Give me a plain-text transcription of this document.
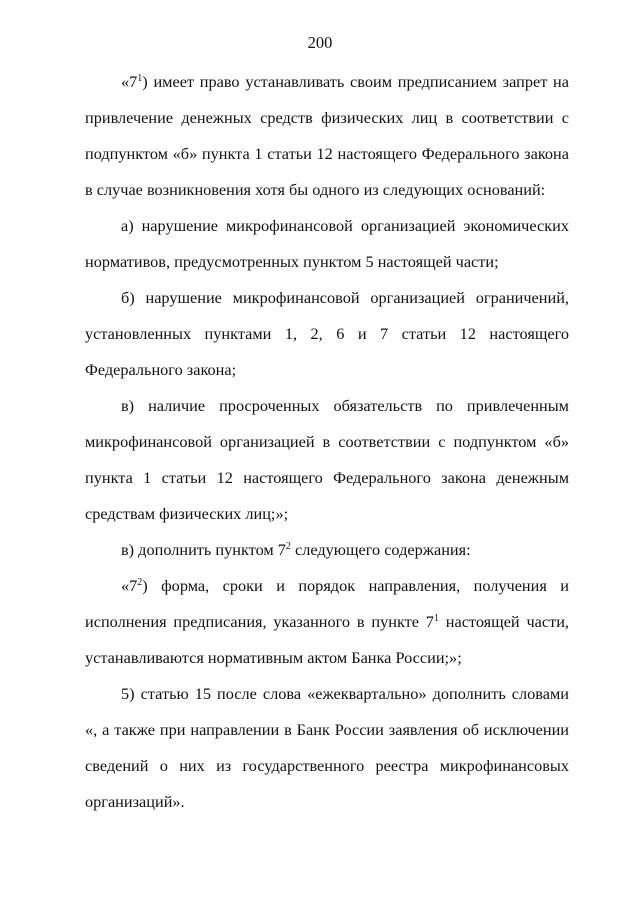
200

«$7^1$) имеет право устанавливать своим предписанием запрет на привлечение денежных средств физических лиц в соответствии с подпунктом «б» пункта 1 статьи 12 настоящего Федерального закона в случае возникновения хотя бы одного из следующих оснований:

а) нарушение микрофинансовой организацией экономических нормативов, предусмотренных пунктом 5 настоящей части;

б) нарушение микрофинансовой организацией ограничений, установленных пунктами 1, 2, 6 и 7 статьи 12 настоящего Федерального закона;

в) наличие просроченных обязательств по привлеченным микрофинансовой организацией в соответствии с подпунктом «б» пункта 1 статьи 12 настоящего Федерального закона денежным средствам физических лиц;»;

в) дополнить пунктом $7^2$ следующего содержания:

«$7^2$) форма, сроки и порядок направления, получения и исполнения предписания, указанного в пункте $7^1$ настоящей части, устанавливаются нормативным актом Банка России;»;

5) статью 15 после слова «ежеквартально» дополнить словами «, а также при направлении в Банк России заявления об исключении сведений о них из государственного реестра микрофинансовых организаций».
